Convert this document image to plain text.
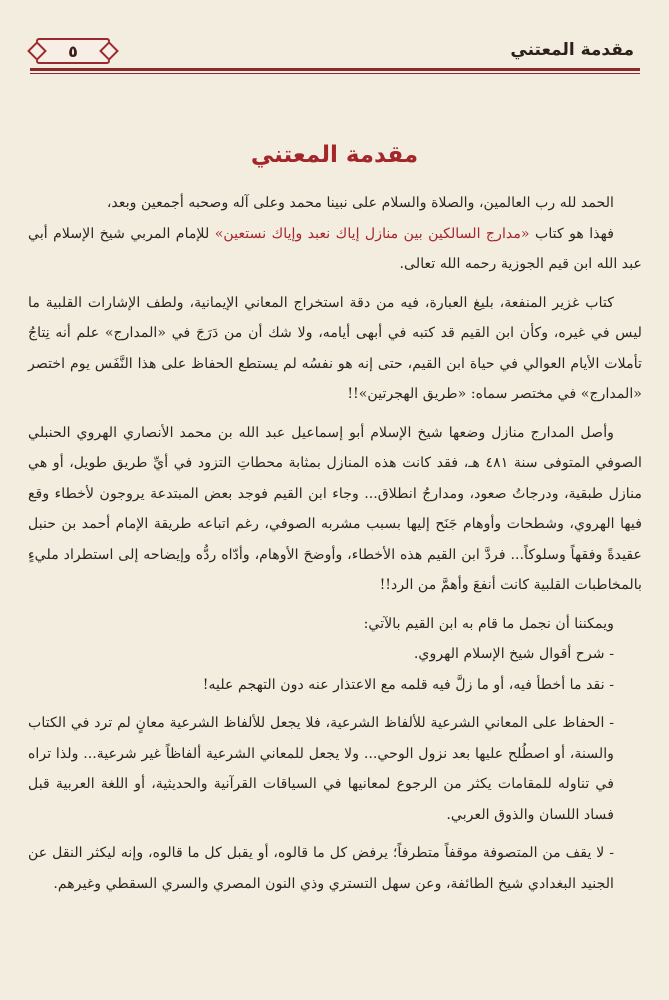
٥	مقدمة المعتني
مقدمة المعتني

الحمد لله رب العالمين، والصلاة والسلام على نبينا محمد وعلى آله وصحبه أجمعين وبعد،

فهذا هو كتاب «مدارج السالكين بين منازل إياك نعبد وإياك نستعين» للإمام المربي شيخ الإسلام أبي عبد الله ابن قيم الجوزية رحمه الله تعالى.

كتاب غزير المنفعة، بليغ العبارة، فيه من دقة استخراج المعاني الإيمانية، ولطف الإشارات القلبية ما ليس في غيره، وكأن ابن القيم قد كتبه في أبهى أيامه، ولا شك أن من دَرَجَ في «المدارج» علم أنه نِتاجُ تأملات الأيام العوالي في حياة ابن القيم، حتى إنه هو نفسُه لم يستطع الحفاظ على هذا النَّفَس يوم اختصر «المدارج» في مختصر سماه: «طريق الهجرتين»!!

وأصل المدارج منازل وضعها شيخ الإسلام أبو إسماعيل عبد الله بن محمد الأنصاري الهروي الحنبلي الصوفي المتوفى سنة ٤٨١ هـ، فقد كانت هذه المنازل بمثابة محطاتِ التزود في أيِّ طريق طويل، أو هي منازل طبقية، ودرجاتُ صعود، ومدارجُ انطلاق... وجاء ابن القيم فوجد بعض المبتدعة يروجون لأخطاء وقع فيها الهروي، وشطحات وأوهام جَنَح إليها بسبب مشربه الصوفي، رغم اتباعه طريقة الإمام أحمد بن حنبل عقيدةً وفقهاً وسلوكاً... فردَّ ابن القيم هذه الأخطاء، وأوضحَ الأوهام، وأدّاه ردُّه وإيضاحه إلى استطراد مليءٍ بالمخاطبات القلبية كانت أنفعَ وأهمَّ من الرد!!

ويمكننا أن نجمل ما قام به ابن القيم بالآتي:

- شرح أقوال شيخ الإسلام الهروي.

- نقد ما أخطأ فيه، أو ما زلَّ فيه قلمه مع الاعتذار عنه دون التهجم عليه!

- الحفاظ على المعاني الشرعية للألفاظ الشرعية، فلا يجعل للألفاظ الشرعية معانٍ لم ترد في الكتاب والسنة، أو اصطُلح عليها بعد نزول الوحي... ولا يجعل للمعاني الشرعية ألفاظاً غير شرعية... ولذا تراه في تناوله للمقامات يكثر من الرجوع لمعانيها في السياقات القرآنية والحديثية، أو اللغة العربية قبل فساد اللسان والذوق العربي.

- لا يقف من المتصوفة موقفاً متطرفاً؛ يرفض كل ما قالوه، أو يقبل كل ما قالوه، وإنه ليكثر النقل عن الجنيد البغدادي شيخ الطائفة، وعن سهل التستري وذي النون المصري والسري السقطي وغيرهم.
